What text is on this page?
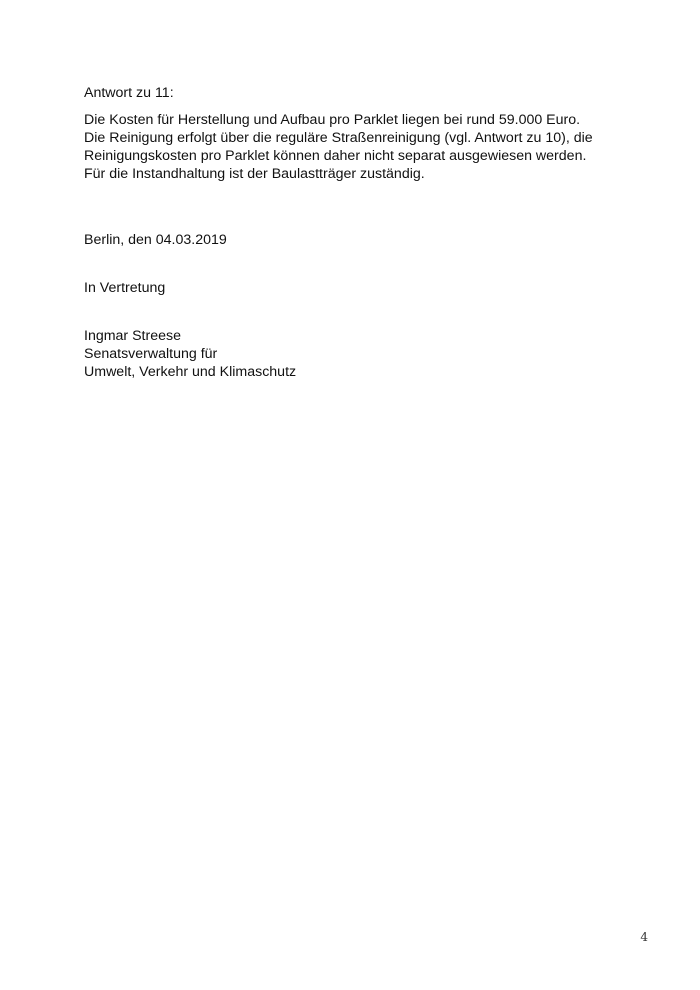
Antwort zu 11:

Die Kosten für Herstellung und Aufbau pro Parklet liegen bei rund 59.000 Euro.
Die Reinigung erfolgt über die reguläre Straßenreinigung (vgl. Antwort zu 10), die
Reinigungskosten pro Parklet können daher nicht separat ausgewiesen werden.
Für die Instandhaltung ist der Baulastträger zuständig.

Berlin, den 04.03.2019

In Vertretung

Ingmar Streese
Senatsverwaltung für
Umwelt, Verkehr und Klimaschutz

4
